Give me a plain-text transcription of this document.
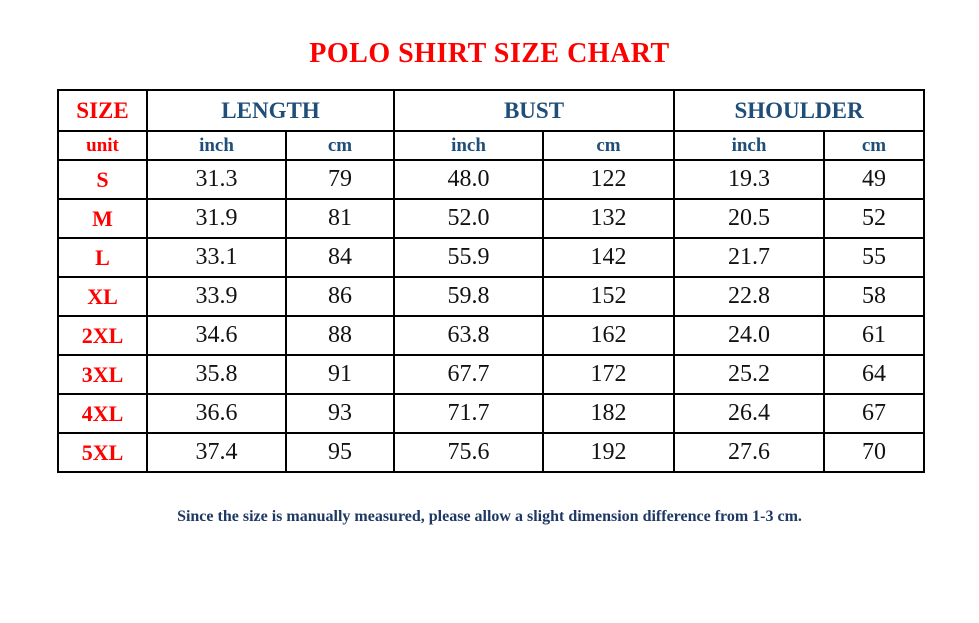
POLO SHIRT SIZE CHART
SIZE	LENGTH		BUST		SHOULDER	
unit	inch	cm	inch	cm	inch	cm
S	31.3	79	48.0	122	19.3	49
M	31.9	81	52.0	132	20.5	52
L	33.1	84	55.9	142	21.7	55
XL	33.9	86	59.8	152	22.8	58
2XL	34.6	88	63.8	162	24.0	61
3XL	35.8	91	67.7	172	25.2	64
4XL	36.6	93	71.7	182	26.4	67
5XL	37.4	95	75.6	192	27.6	70
Since the size is manually measured, please allow a slight dimension difference from 1-3 cm.
